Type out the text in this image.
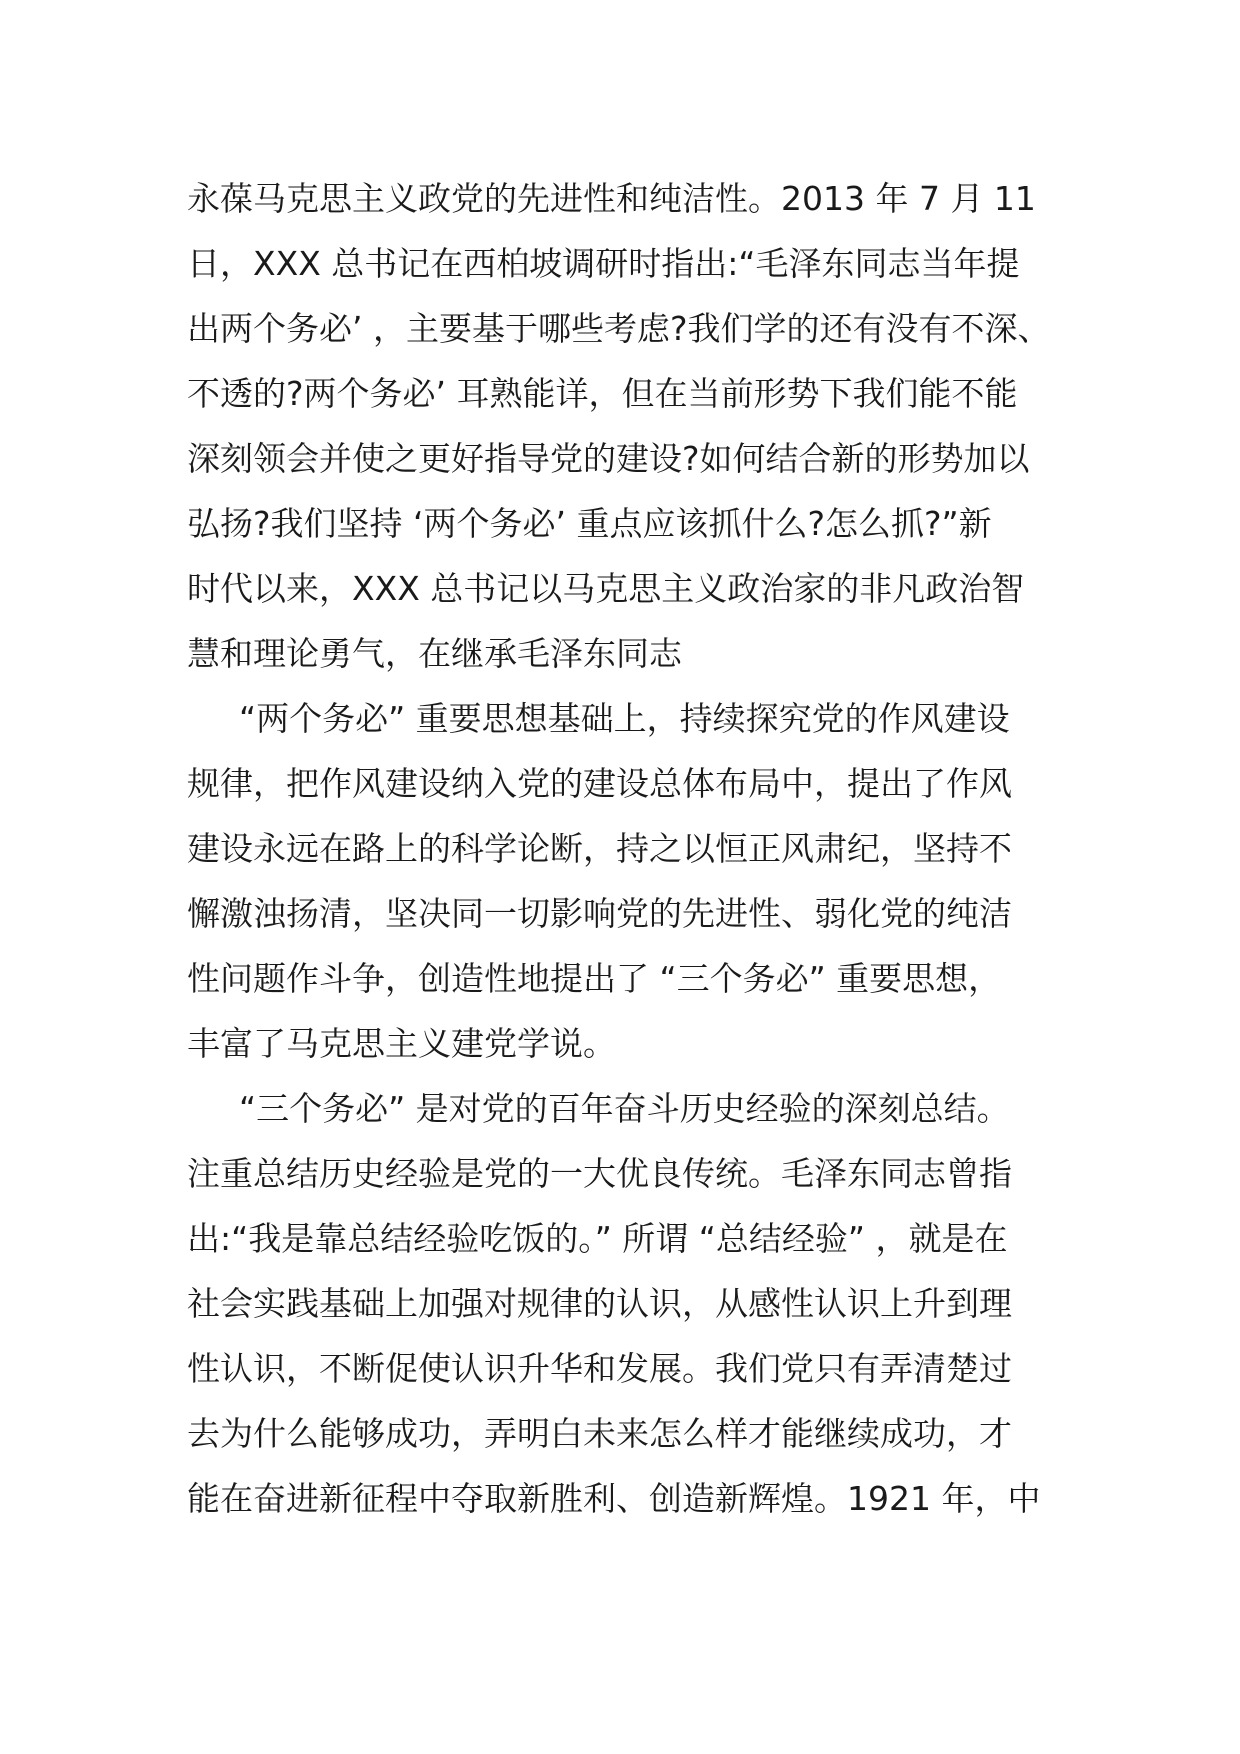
永葆马克思主义政党的先进性和纯洁性。2013 年 7 月 11
日，XXX 总书记在西柏坡调研时指出:“毛泽东同志当年提
出两个务必’ ，主要基于哪些考虑?我们学的还有没有不深、
不透的?两个务必’ 耳熟能详，但在当前形势下我们能不能
深刻领会并使之更好指导党的建设?如何结合新的形势加以
弘扬?我们坚持 ‘两个务必’ 重点应该抓什么?怎么抓?”新
时代以来，XXX 总书记以马克思主义政治家的非凡政治智
慧和理论勇气，在继承毛泽东同志
“两个务必” 重要思想基础上，持续探究党的作风建设
规律，把作风建设纳入党的建设总体布局中，提出了作风
建设永远在路上的科学论断，持之以恒正风肃纪，坚持不
懈激浊扬清，坚决同一切影响党的先进性、弱化党的纯洁
性问题作斗争，创造性地提出了 “三个务必” 重要思想，
丰富了马克思主义建党学说。
“三个务必” 是对党的百年奋斗历史经验的深刻总结。
注重总结历史经验是党的一大优良传统。毛泽东同志曾指
出:“我是靠总结经验吃饭的。” 所谓 “总结经验” ，就是在
社会实践基础上加强对规律的认识，从感性认识上升到理
性认识，不断促使认识升华和发展。我们党只有弄清楚过
去为什么能够成功，弄明白未来怎么样才能继续成功，才
能在奋进新征程中夺取新胜利、创造新辉煌。1921 年，中
